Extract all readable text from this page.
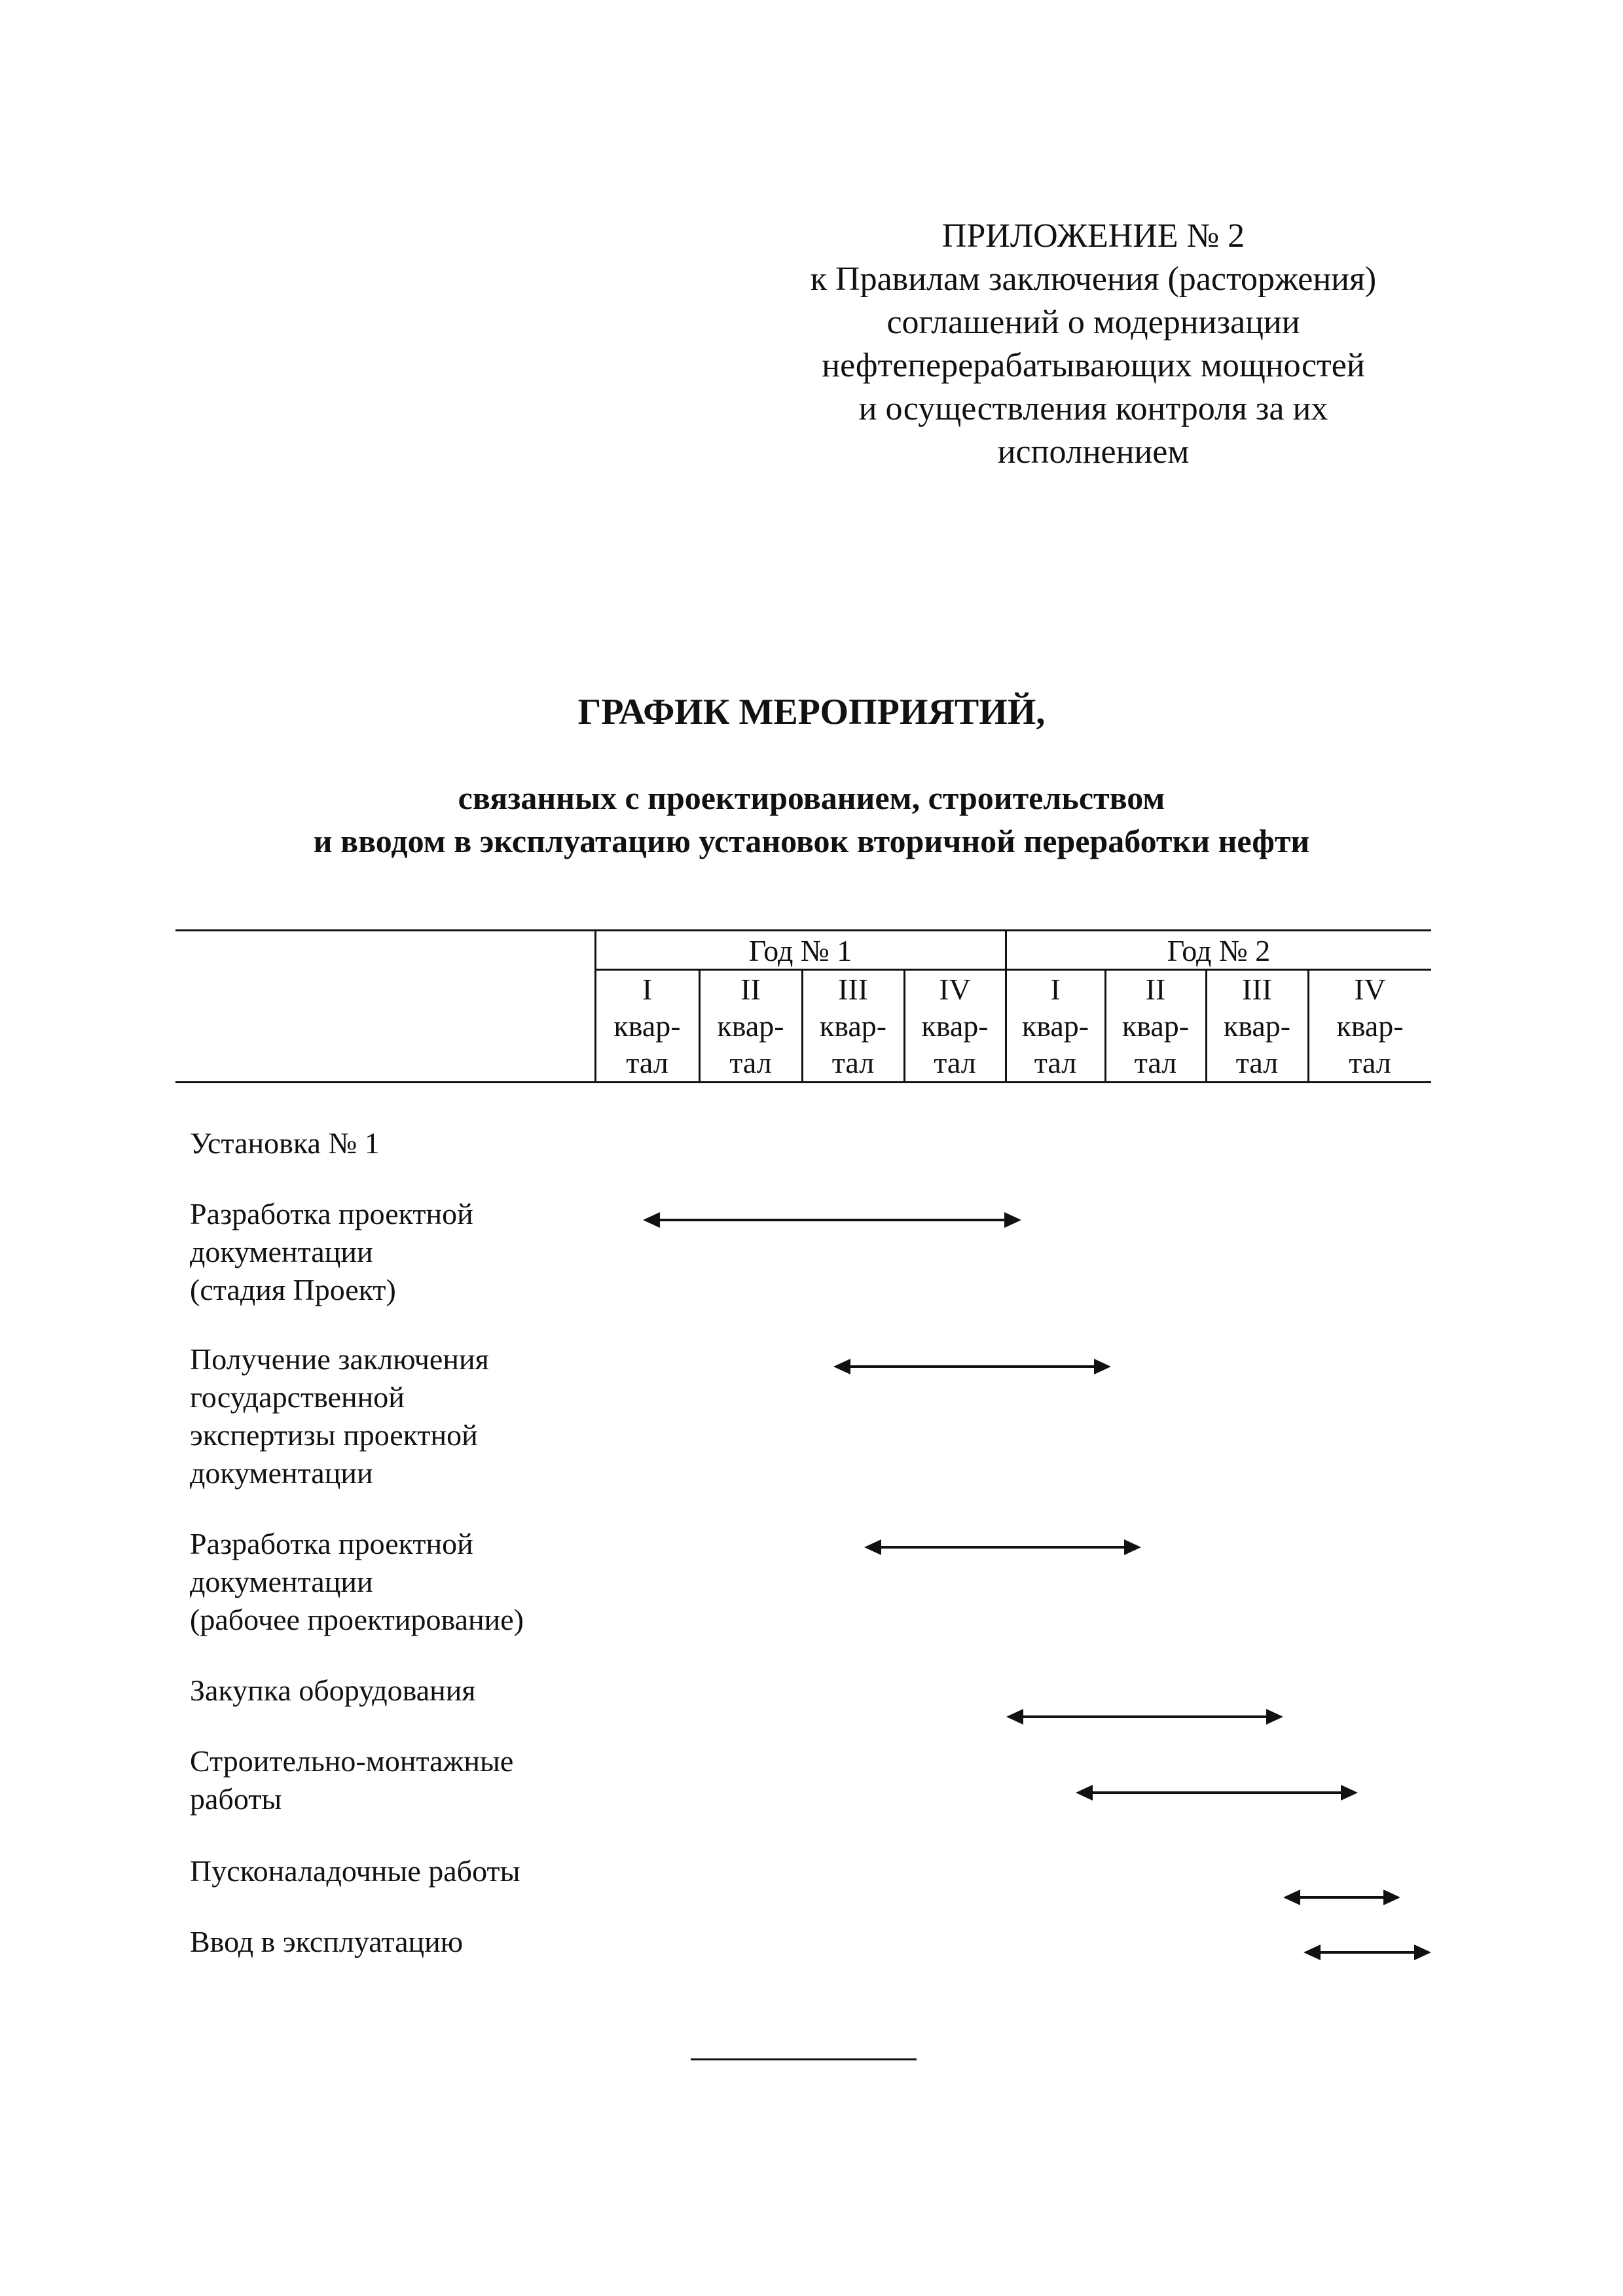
ПРИЛОЖЕНИЕ № 2
к Правилам заключения (расторжения)
соглашений о модернизации
нефтеперерабатывающих мощностей
и осуществления контроля за их
исполнением
ГРАФИК МЕРОПРИЯТИЙ,
связанных с проектированием, строительством
и вводом в эксплуатацию установок вторичной переработки нефти
Год № 1	Год № 2
I
квар-
тал
II
квар-
тал
III
квар-
тал
IV
квар-
тал
I
квар-
тал
II
квар-
тал
III
квар-
тал
IV
квар-
тал
Установка № 1
Разработка проектной
документации
(стадия Проект)
Получение заключения
государственной
экспертизы проектной
документации
Разработка проектной
документации
(рабочее проектирование)
Закупка оборудования
Строительно-монтажные
работы
Пусконаладочные работы
Ввод в эксплуатацию
